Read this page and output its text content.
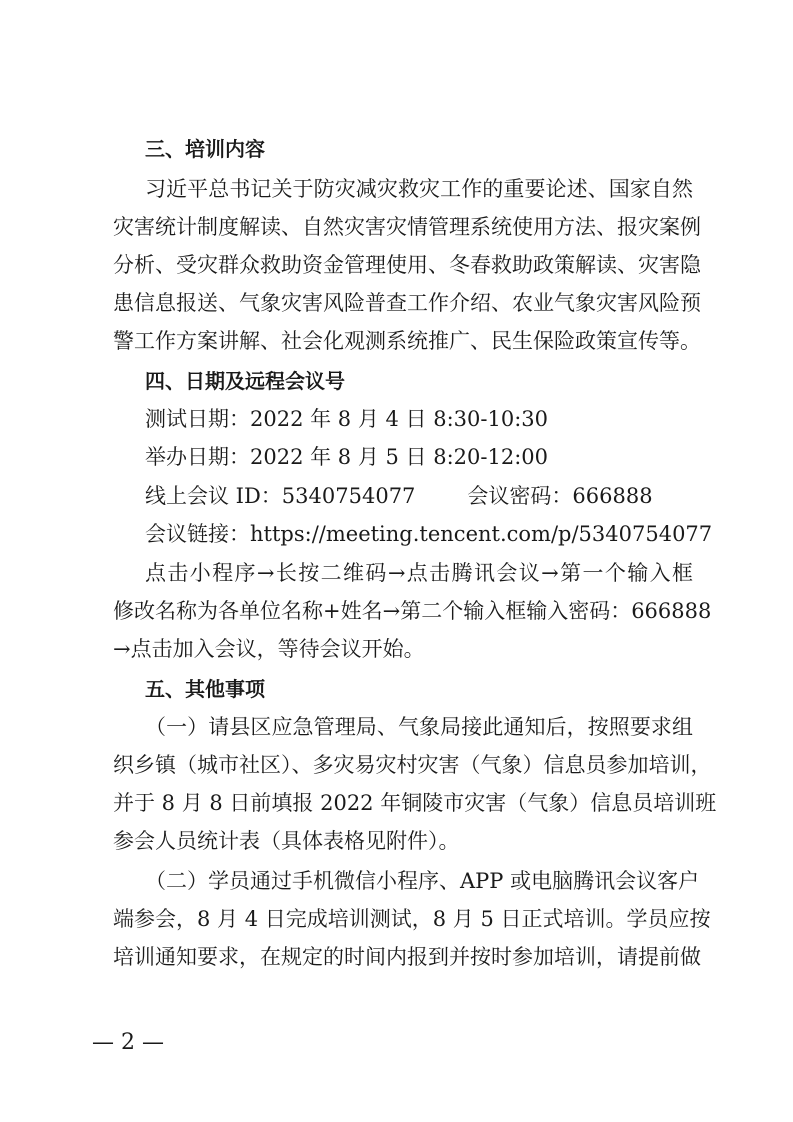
三、培训内容
习近平总书记关于防灾减灾救灾工作的重要论述、国家自然
灾害统计制度解读、自然灾害灾情管理系统使用方法、报灾案例
分析、受灾群众救助资金管理使用、冬春救助政策解读、灾害隐
患信息报送、气象灾害风险普查工作介绍、农业气象灾害风险预
警工作方案讲解、社会化观测系统推广、民生保险政策宣传等。
四、日期及远程会议号
测试日期：2022 年 8 月 4 日 8:30-10:30
举办日期：2022 年 8 月 5 日 8:20-12:00
线上会议 ID：5340754077 会议密码：666888
会议链接：https://meeting.tencent.com/p/5340754077
点击小程序→长按二维码→点击腾讯会议→第一个输入框
修改名称为各单位名称+姓名→第二个输入框输入密码：666888
→点击加入会议，等待会议开始。
五、其他事项
（一）请县区应急管理局、气象局接此通知后，按照要求组
织乡镇（城市社区）、多灾易灾村灾害（气象）信息员参加培训，
并于 8 月 8 日前填报 2022 年铜陵市灾害（气象）信息员培训班
参会人员统计表（具体表格见附件）。
（二）学员通过手机微信小程序、APP 或电脑腾讯会议客户
端参会，8 月 4 日完成培训测试，8 月 5 日正式培训。学员应按
培训通知要求，在规定的时间内报到并按时参加培训，请提前做
— 2 —
